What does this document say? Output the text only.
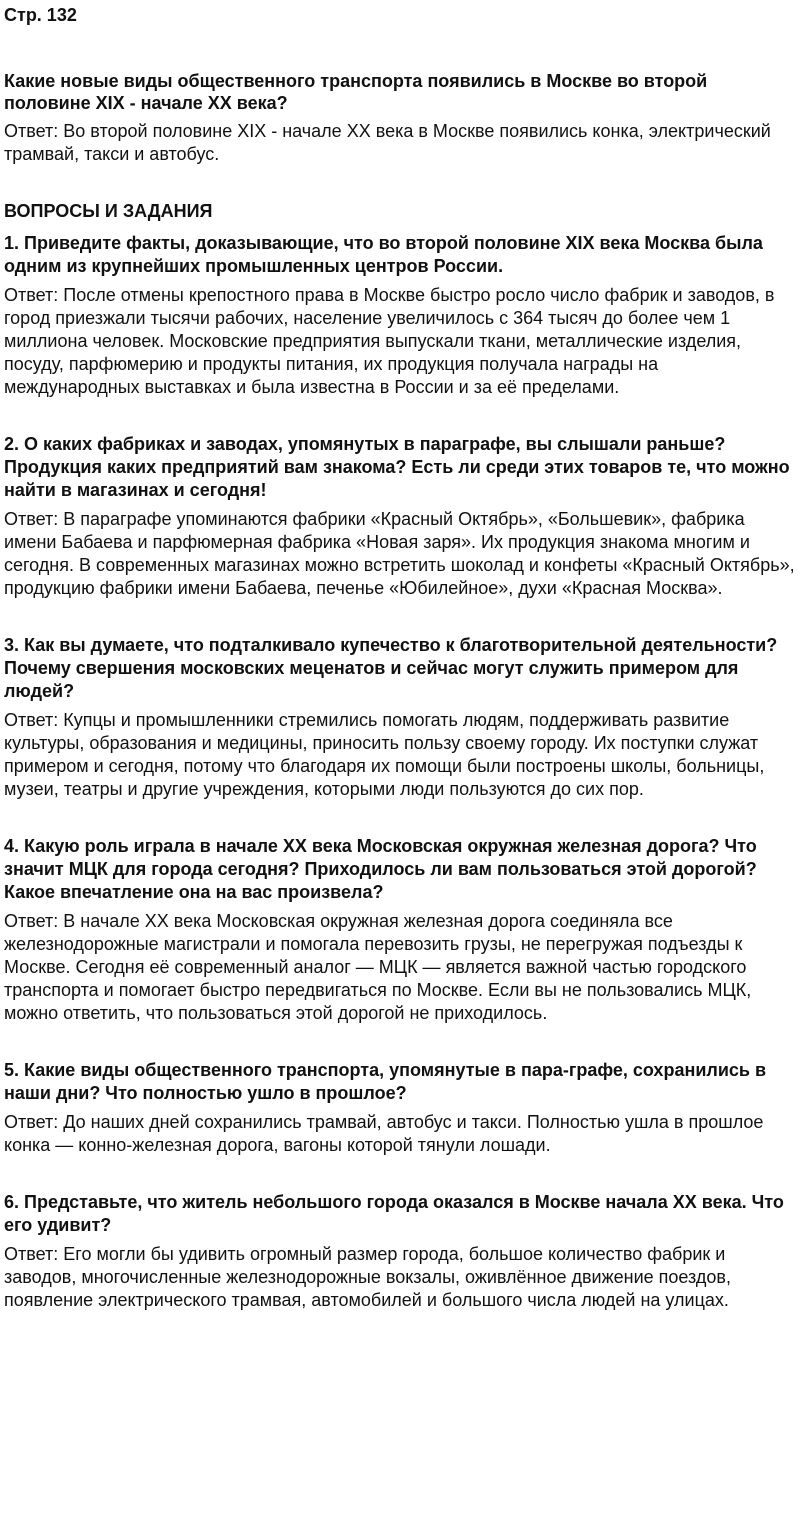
Стр. 132
Какие новые виды общественного транспорта появились в Москве во второй половине XIX - начале XX века?
Ответ: Во второй половине XIX - начале XX века в Москве появились конка, электрический трамвай, такси и автобус.
ВОПРОСЫ И ЗАДАНИЯ
1. Приведите факты, доказывающие, что во второй половине XIX века Москва была одним из крупнейших промышленных центров России.
Ответ: После отмены крепостного права в Москве быстро росло число фабрик и заводов, в город приезжали тысячи рабочих, население увеличилось с 364 тысяч до более чем 1 миллиона человек. Московские предприятия выпускали ткани, металлические изделия, посуду, парфюмерию и продукты питания, их продукция получала награды на международных выставках и была известна в России и за её пределами.
2. О каких фабриках и заводах, упомянутых в параграфе, вы слышали раньше? Продукция каких предприятий вам знакома? Есть ли среди этих товаров те, что можно найти в магазинах и сегодня!
Ответ: В параграфе упоминаются фабрики «Красный Октябрь», «Большевик», фабрика имени Бабаева и парфюмерная фабрика «Новая заря». Их продукция знакома многим и сегодня. В современных магазинах можно встретить шоколад и конфеты «Красный Октябрь», продукцию фабрики имени Бабаева, печенье «Юбилейное», духи «Красная Москва».
3. Как вы думаете, что подталкивало купечество к благотворительной деятельности? Почему свершения московских меценатов и сейчас могут служить примером для людей?
Ответ: Купцы и промышленники стремились помогать людям, поддерживать развитие культуры, образования и медицины, приносить пользу своему городу. Их поступки служат примером и сегодня, потому что благодаря их помощи были построены школы, больницы, музеи, театры и другие учреждения, которыми люди пользуются до сих пор.
4. Какую роль играла в начале XX века Московская окружная железная дорога? Что значит МЦК для города сегодня? Приходилось ли вам пользоваться этой дорогой? Какое впечатление она на вас произвела?
Ответ: В начале XX века Московская окружная железная дорога соединяла все железнодорожные магистрали и помогала перевозить грузы, не перегружая подъезды к Москве. Сегодня её современный аналог — МЦК — является важной частью городского транспорта и помогает быстро передвигаться по Москве. Если вы не пользовались МЦК, можно ответить, что пользоваться этой дорогой не приходилось.
5. Какие виды общественного транспорта, упомянутые в пара-графе, сохранились в наши дни? Что полностью ушло в прошлое?
Ответ: До наших дней сохранились трамвай, автобус и такси. Полностью ушла в прошлое конка — конно-железная дорога, вагоны которой тянули лошади.
6. Представьте, что житель небольшого города оказался в Москве начала XX века. Что его удивит?
Ответ: Его могли бы удивить огромный размер города, большое количество фабрик и заводов, многочисленные железнодорожные вокзалы, оживлённое движение поездов, появление электрического трамвая, автомобилей и большого числа людей на улицах.
